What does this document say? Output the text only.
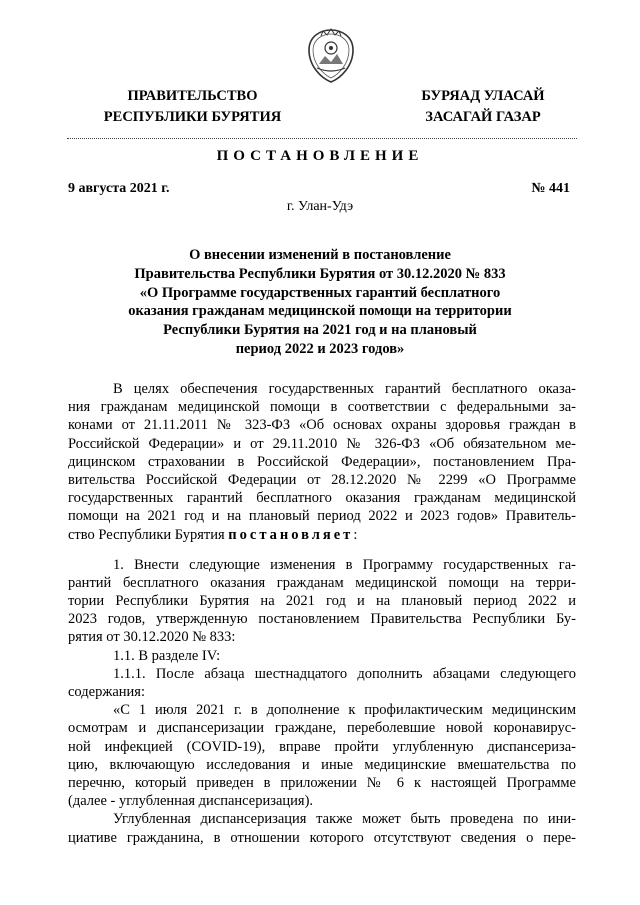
ПРАВИТЕЛЬСТВО
РЕСПУБЛИКИ БУРЯТИЯ
БУРЯАД УЛАСАЙ
ЗАСАГАЙ ГАЗАР
ПОСТАНОВЛЕНИЕ
9 августа 2021 г.	№ 441
г. Улан-Удэ
О внесении изменений в постановление
Правительства Республики Бурятия от 30.12.2020 № 833
«О Программе государственных гарантий бесплатного
оказания гражданам медицинской помощи на территории
Республики Бурятия на 2021 год и на плановый
период 2022 и 2023 годов»
В целях обеспечения государственных гарантий бесплатного оказа-
ния гражданам медицинской помощи в соответствии с федеральными за-
конами от 21.11.2011 № 323-ФЗ «Об основах охраны здоровья граждан в
Российской Федерации» и от 29.11.2010 № 326-ФЗ «Об обязательном ме-
дицинском страховании в Российской Федерации», постановлением Пра-
вительства Российской Федерации от 28.12.2020 № 2299 «О Программе
государственных гарантий бесплатного оказания гражданам медицинской
помощи на 2021 год и на плановый период 2022 и 2023 годов» Правитель-
ство Республики Бурятия постановляет:
1. Внести следующие изменения в Программу государственных га-
рантий бесплатного оказания гражданам медицинской помощи на терри-
тории Республики Бурятия на 2021 год и на плановый период 2022 и
2023 годов, утвержденную постановлением Правительства Республики Бу-
рятия от 30.12.2020 № 833:
1.1. В разделе IV:
1.1.1. После абзаца шестнадцатого дополнить абзацами следующего
содержания:
«С 1 июля 2021 г. в дополнение к профилактическим медицинским
осмотрам и диспансеризации граждане, переболевшие новой коронавирус-
ной инфекцией (COVID-19), вправе пройти углубленную диспансериза-
цию, включающую исследования и иные медицинские вмешательства по
перечню, который приведен в приложении № 6 к настоящей Программе
(далее - углубленная диспансеризация).
Углубленная диспансеризация также может быть проведена по ини-
циативе гражданина, в отношении которого отсутствуют сведения о пере-
